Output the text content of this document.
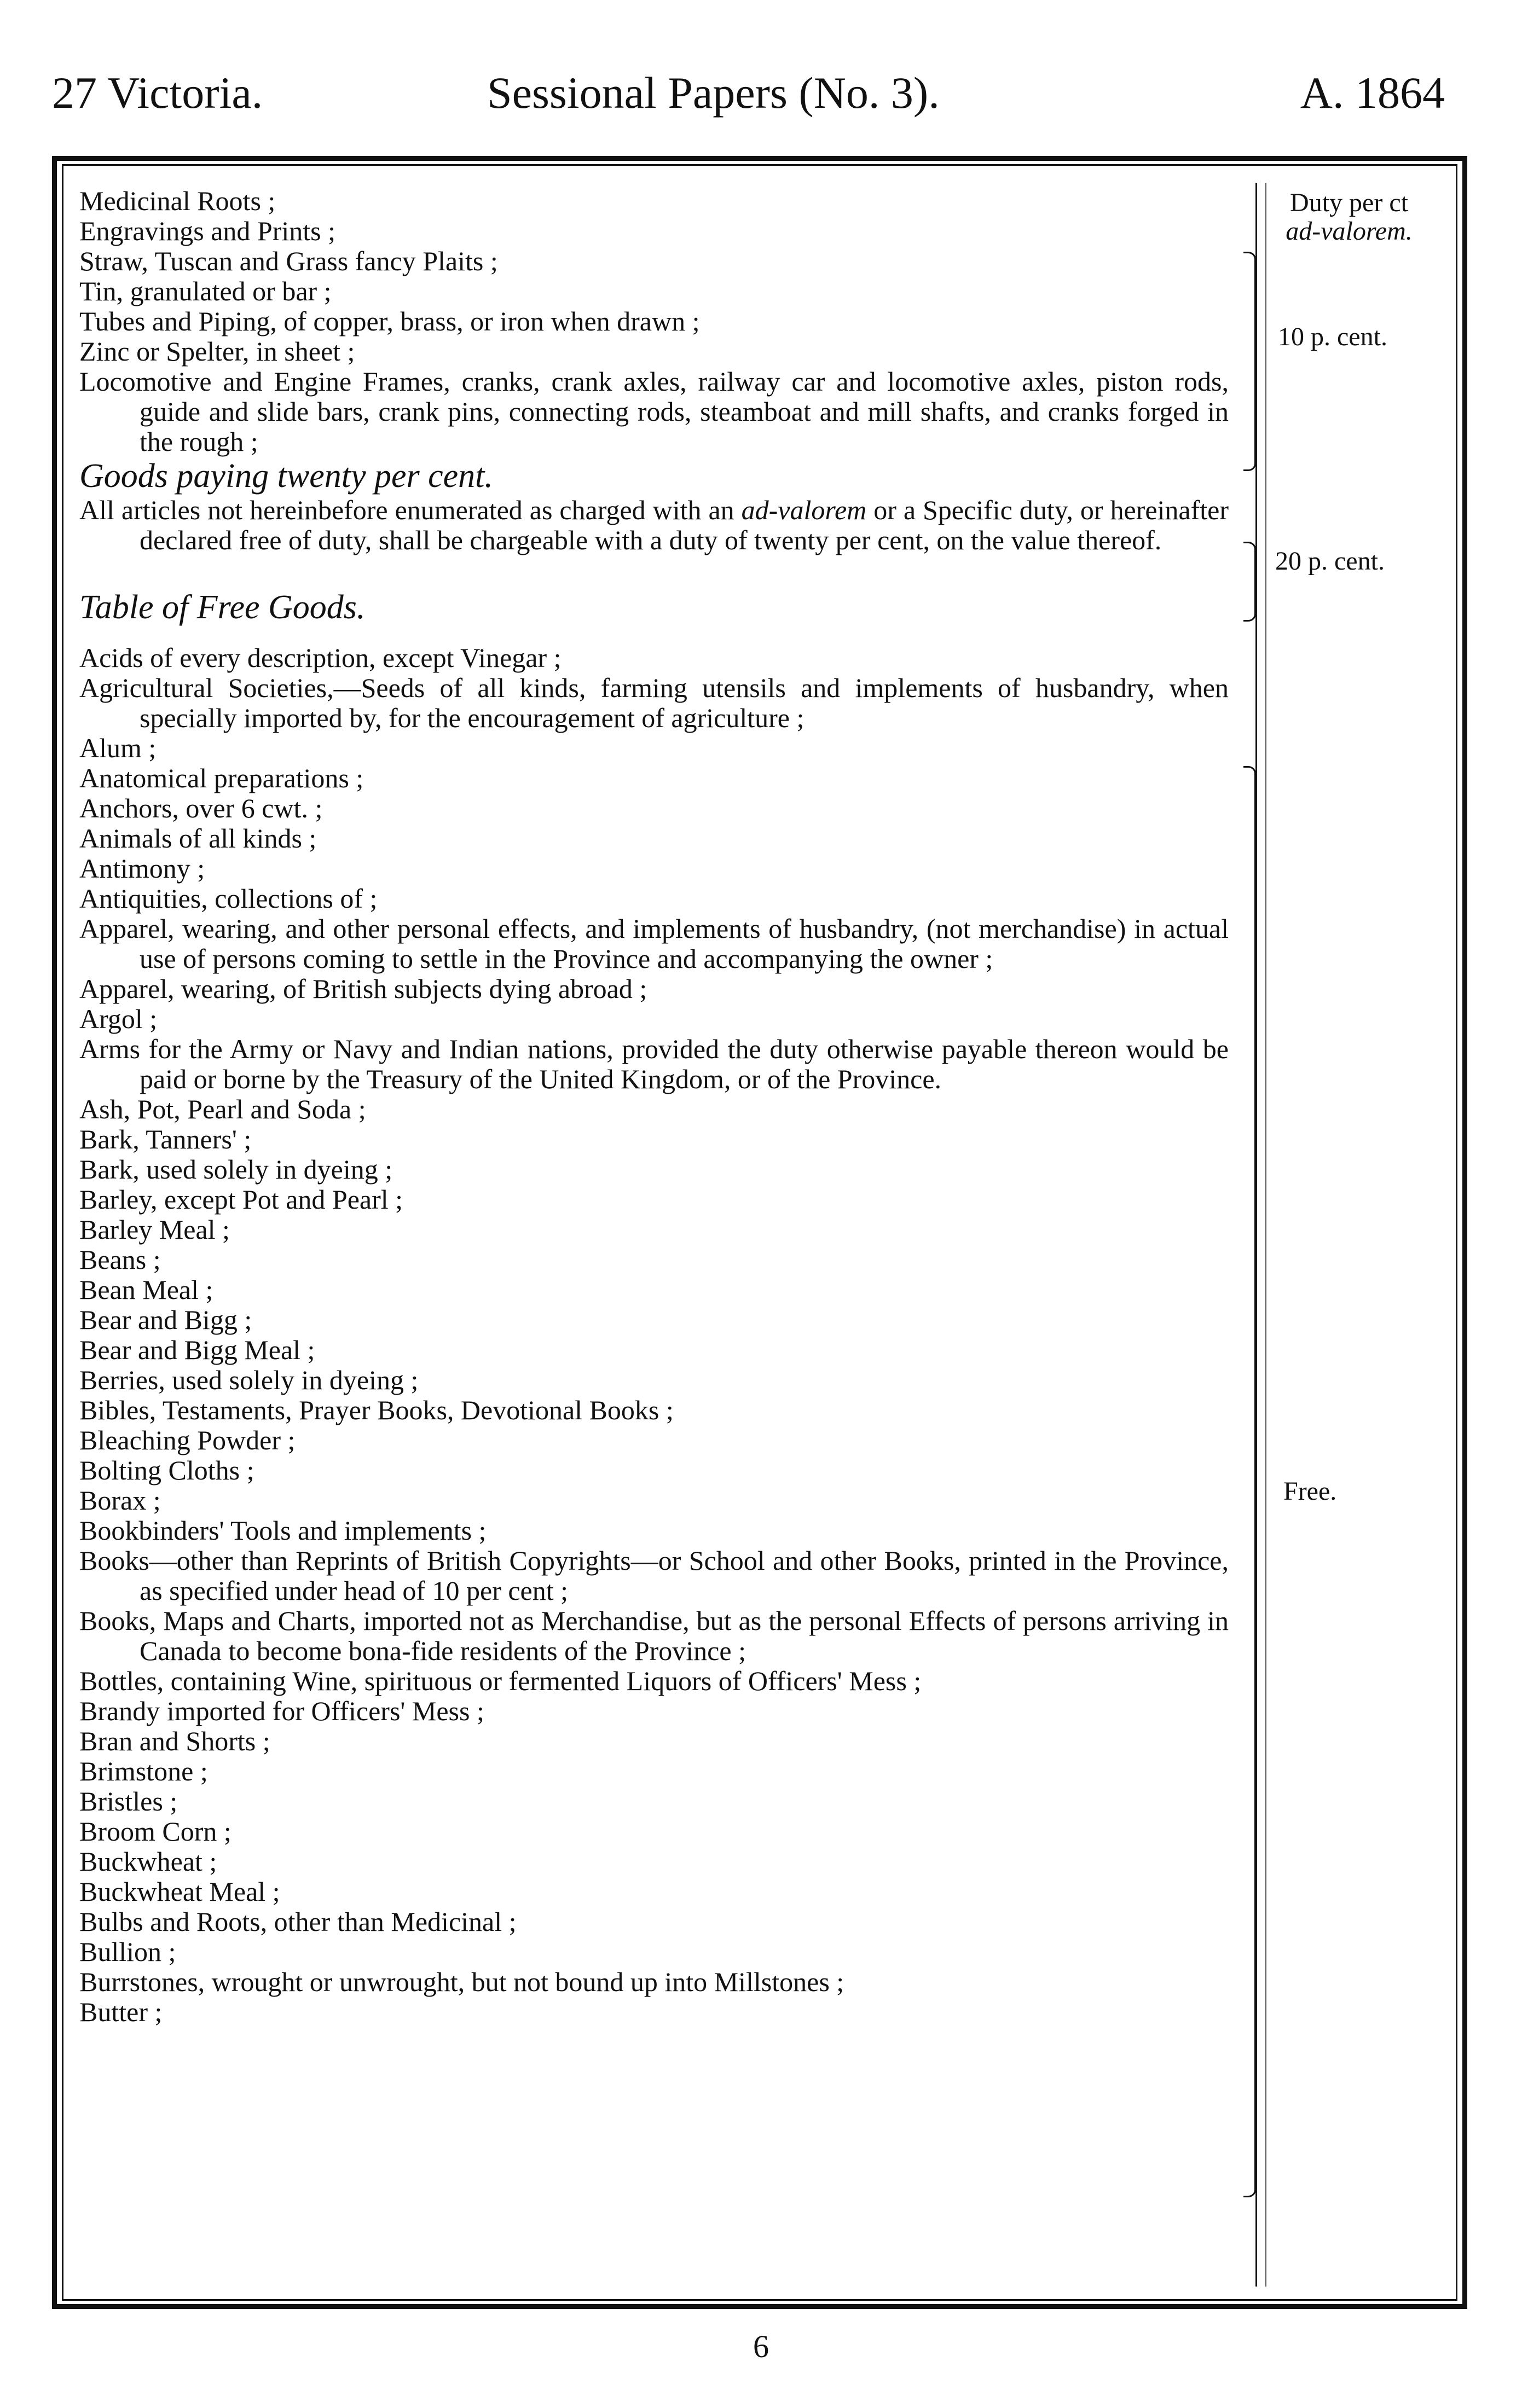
27 Victoria.	Sessional Papers (No. 3).	A. 1864

Medicinal Roots ;

Engravings and Prints ;

Straw, Tuscan and Grass fancy Plaits ;

Tin, granulated or bar ;

Tubes and Piping, of copper, brass, or iron when drawn ;

Zinc or Spelter, in sheet ;

Locomotive and Engine Frames, cranks, crank axles, railway car and locomotive axles, piston rods, guide and slide bars, crank pins, connecting rods, steamboat and mill shafts, and cranks forged in the rough ;

Goods paying twenty per cent.

All articles not hereinbefore enumerated as charged with an ad-valorem or a Specific duty, or hereinafter declared free of duty, shall be chargeable with a duty of twenty per cent, on the value thereof.

Table of Free Goods.

Acids of every description, except Vinegar ;

Agricultural Societies,—Seeds of all kinds, farming utensils and implements of husbandry, when specially imported by, for the encouragement of agriculture ;

Alum ;

Anatomical preparations ;

Anchors, over 6 cwt. ;

Animals of all kinds ;

Antimony ;

Antiquities, collections of ;

Apparel, wearing, and other personal effects, and implements of husbandry, (not merchandise) in actual use of persons coming to settle in the Province and accompanying the owner ;

Apparel, wearing, of British subjects dying abroad ;

Argol ;

Arms for the Army or Navy and Indian nations, provided the duty otherwise payable thereon would be paid or borne by the Treasury of the United Kingdom, or of the Province.

Ash, Pot, Pearl and Soda ;

Bark, Tanners' ;

Bark, used solely in dyeing ;

Barley, except Pot and Pearl ;

Barley Meal ;

Beans ;

Bean Meal ;

Bear and Bigg ;

Bear and Bigg Meal ;

Berries, used solely in dyeing ;

Bibles, Testaments, Prayer Books, Devotional Books ;

Bleaching Powder ;

Bolting Cloths ;

Borax ;

Bookbinders' Tools and implements ;

Books—other than Reprints of British Copyrights—or School and other Books, printed in the Province, as specified under head of 10 per cent ;

Books, Maps and Charts, imported not as Merchandise, but as the personal Effects of persons arriving in Canada to become bona-fide residents of the Province ;

Bottles, containing Wine, spirituous or fermented Liquors of Officers' Mess ;

Brandy imported for Officers' Mess ;

Bran and Shorts ;

Brimstone ;

Bristles ;

Broom Corn ;

Buckwheat ;

Buckwheat Meal ;

Bulbs and Roots, other than Medicinal ;

Bullion ;

Burrstones, wrought or unwrought, but not bound up into Millstones ;

Butter ;

Duty per ct
ad-valorem.
10 p. cent.
20 p. cent.
Free.
6
